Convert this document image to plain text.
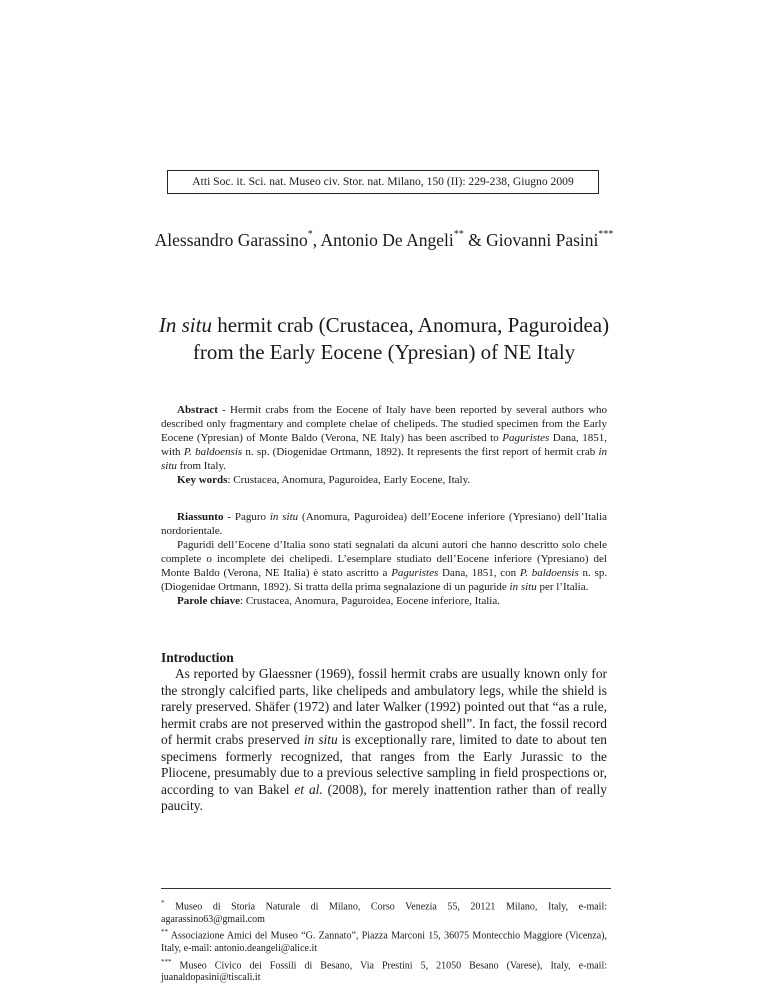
Atti Soc. it. Sci. nat. Museo civ. Stor. nat. Milano, 150 (II): 229-238, Giugno 2009
Alessandro Garassino*, Antonio De Angeli** & Giovanni Pasini***
In situ hermit crab (Crustacea, Anomura, Paguroidea)
from the Early Eocene (Ypresian) of NE Italy

Abstract - Hermit crabs from the Eocene of Italy have been reported by several authors who described only fragmentary and complete chelae of chelipeds. The studied specimen from the Early Eocene (Ypresian) of Monte Baldo (Verona, NE Italy) has been ascribed to Paguristes Dana, 1851, with P. baldoensis n. sp. (Diogenidae Ortmann, 1892). It represents the first report of hermit crab in situ from Italy.

Key words: Crustacea, Anomura, Paguroidea, Early Eocene, Italy.

Riassunto - Paguro in situ (Anomura, Paguroidea) dell’Eocene inferiore (Ypresiano) dell’Italia nordorientale.

Paguridi dell’Eocene d’Italia sono stati segnalati da alcuni autori che hanno descritto solo chele complete o incomplete dei chelipedi. L’esemplare studiato dell’Eocene inferiore (Ypresiano) del Monte Baldo (Verona, NE Italia) è stato ascritto a Paguristes Dana, 1851, con P. baldoensis n. sp. (Diogenidae Ortmann, 1892). Si tratta della prima segnalazione di un paguride in situ per l’Italia.

Parole chiave: Crustacea, Anomura, Paguroidea, Eocene inferiore, Italia.

Introduction

As reported by Glaessner (1969), fossil hermit crabs are usually known only for the strongly calcified parts, like chelipeds and ambulatory legs, while the shield is rarely preserved. Shäfer (1972) and later Walker (1992) pointed out that “as a rule, hermit crabs are not preserved within the gastropod shell”. In fact, the fossil record of hermit crabs preserved in situ is exceptionally rare, limited to date to about ten specimens formerly recognized, that ranges from the Early Jurassic to the Pliocene, presumably due to a previous selective sampling in field prospections or, according to van Bakel et al. (2008), for merely inattention rather than of really paucity.

* Museo di Storia Naturale di Milano, Corso Venezia 55, 20121 Milano, Italy, e-mail: agarassino63@gmail.com

** Associazione Amici del Museo “G. Zannato”, Piazza Marconi 15, 36075 Montecchio Maggiore (Vicenza), Italy, e-mail: antonio.deangeli@alice.it

*** Museo Civico dei Fossili di Besano, Via Prestini 5, 21050 Besano (Varese), Italy, e-mail: juanaldopasini@tiscali.it
